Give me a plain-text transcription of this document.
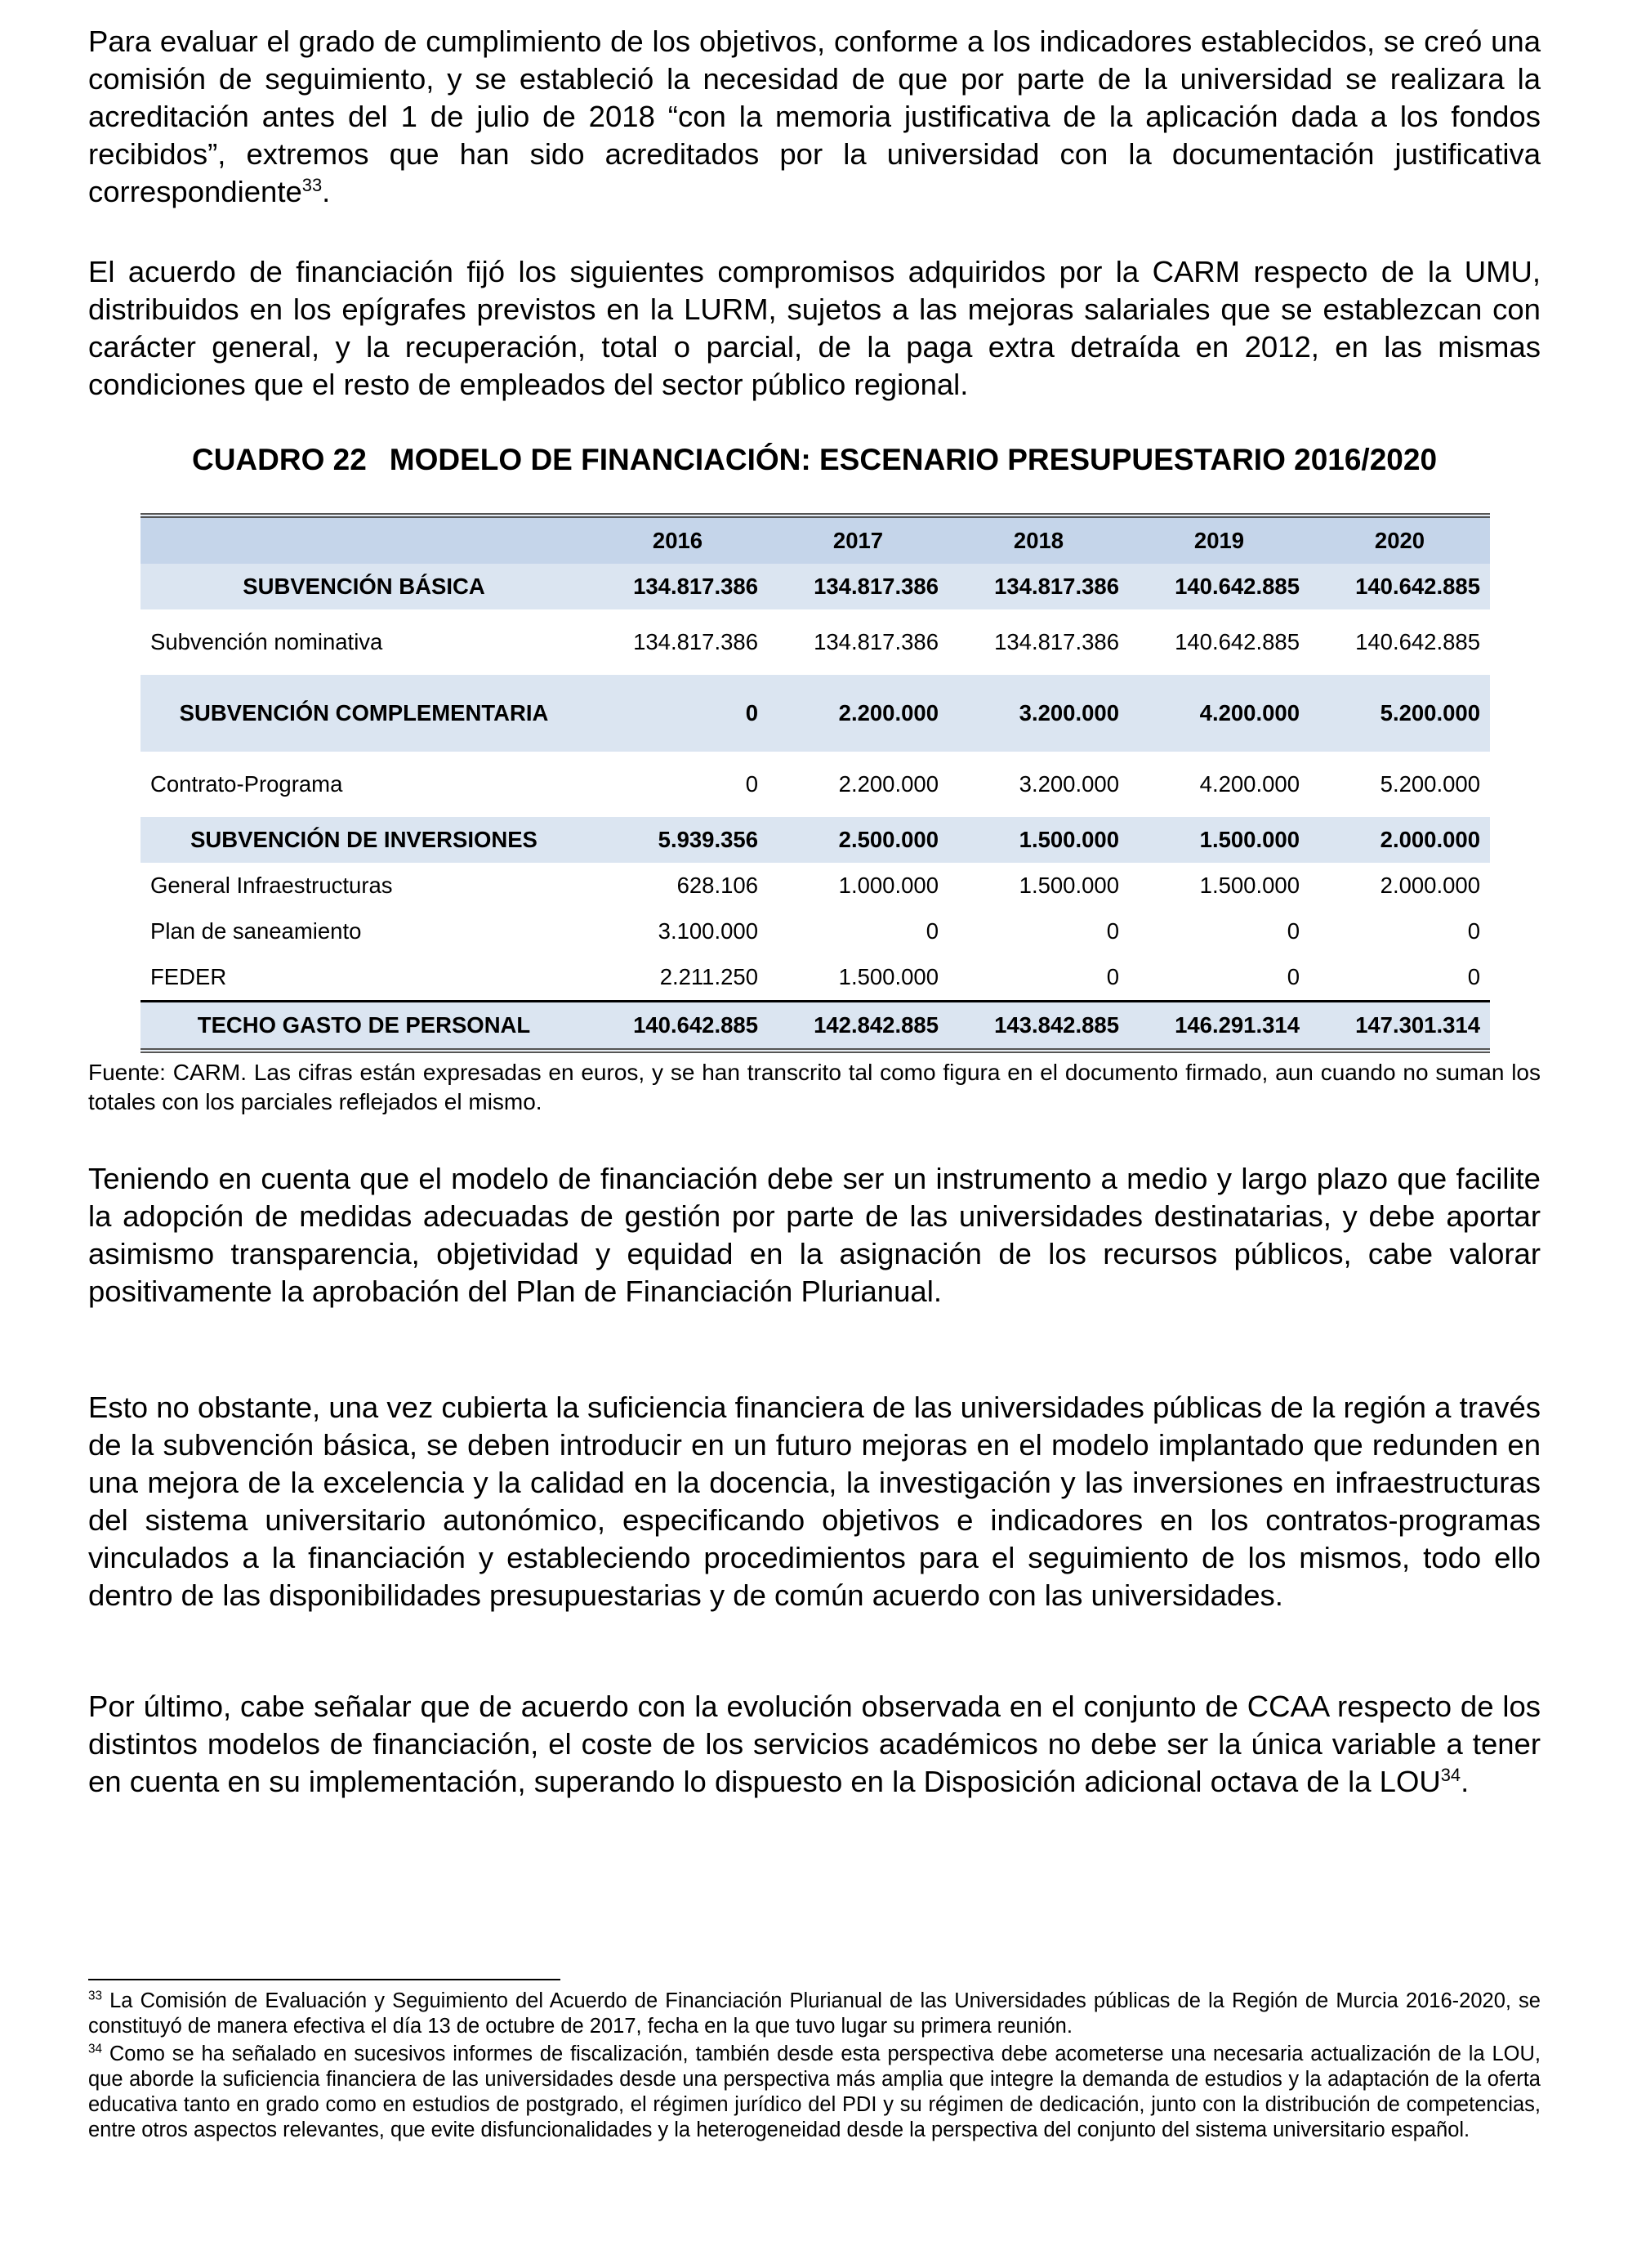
Para evaluar el grado de cumplimiento de los objetivos, conforme a los indicadores establecidos, se creó una comisión de seguimiento, y se estableció la necesidad de que por parte de la universidad se realizara la acreditación antes del 1 de julio de 2018 “con la memoria justificativa de la aplicación dada a los fondos recibidos”, extremos que han sido acreditados por la universidad con la documentación justificativa correspondiente$^{33}$.

El acuerdo de financiación fijó los siguientes compromisos adquiridos por la CARM respecto de la UMU, distribuidos en los epígrafes previstos en la LURM, sujetos a las mejoras salariales que se establezcan con carácter general, y la recuperación, total o parcial, de la paga extra detraída en 2012, en las mismas condiciones que el resto de empleados del sector público regional.

CUADRO 22 MODELO DE FINANCIACIÓN: ESCENARIO PRESUPUESTARIO 2016/2020
	2016	2017	2018	2019	2020
SUBVENCIÓN BÁSICA	134.817.386	134.817.386	134.817.386	140.642.885	140.642.885
Subvención nominativa	134.817.386	134.817.386	134.817.386	140.642.885	140.642.885
SUBVENCIÓN COMPLEMENTARIA	0	2.200.000	3.200.000	4.200.000	5.200.000
Contrato-Programa	0	2.200.000	3.200.000	4.200.000	5.200.000
SUBVENCIÓN DE INVERSIONES	5.939.356	2.500.000	1.500.000	1.500.000	2.000.000
General Infraestructuras	628.106	1.000.000	1.500.000	1.500.000	2.000.000
Plan de saneamiento	3.100.000	0	0	0	0
FEDER	2.211.250	1.500.000	0	0	0
TECHO GASTO DE PERSONAL	140.642.885	142.842.885	143.842.885	146.291.314	147.301.314
Fuente: CARM. Las cifras están expresadas en euros, y se han transcrito tal como figura en el documento firmado, aun cuando no suman los totales con los parciales reflejados el mismo.

Teniendo en cuenta que el modelo de financiación debe ser un instrumento a medio y largo plazo que facilite la adopción de medidas adecuadas de gestión por parte de las universidades destinatarias, y debe aportar asimismo transparencia, objetividad y equidad en la asignación de los recursos públicos, cabe valorar positivamente la aprobación del Plan de Financiación Plurianual.

Esto no obstante, una vez cubierta la suficiencia financiera de las universidades públicas de la región a través de la subvención básica, se deben introducir en un futuro mejoras en el modelo implantado que redunden en una mejora de la excelencia y la calidad en la docencia, la investigación y las inversiones en infraestructuras del sistema universitario autonómico, especificando objetivos e indicadores en los contratos-programas vinculados a la financiación y estableciendo procedimientos para el seguimiento de los mismos, todo ello dentro de las disponibilidades presupuestarias y de común acuerdo con las universidades.

Por último, cabe señalar que de acuerdo con la evolución observada en el conjunto de CCAA respecto de los distintos modelos de financiación, el coste de los servicios académicos no debe ser la única variable a tener en cuenta en su implementación, superando lo dispuesto en la Disposición adicional octava de la LOU$^{34}$.

$^{33}$ La Comisión de Evaluación y Seguimiento del Acuerdo de Financiación Plurianual de las Universidades públicas de la Región de Murcia 2016-2020, se constituyó de manera efectiva el día 13 de octubre de 2017, fecha en la que tuvo lugar su primera reunión.

$^{34}$ Como se ha señalado en sucesivos informes de fiscalización, también desde esta perspectiva debe acometerse una necesaria actualización de la LOU, que aborde la suficiencia financiera de las universidades desde una perspectiva más amplia que integre la demanda de estudios y la adaptación de la oferta educativa tanto en grado como en estudios de postgrado, el régimen jurídico del PDI y su régimen de dedicación, junto con la distribución de competencias, entre otros aspectos relevantes, que evite disfuncionalidades y la heterogeneidad desde la perspectiva del conjunto del sistema universitario español.
